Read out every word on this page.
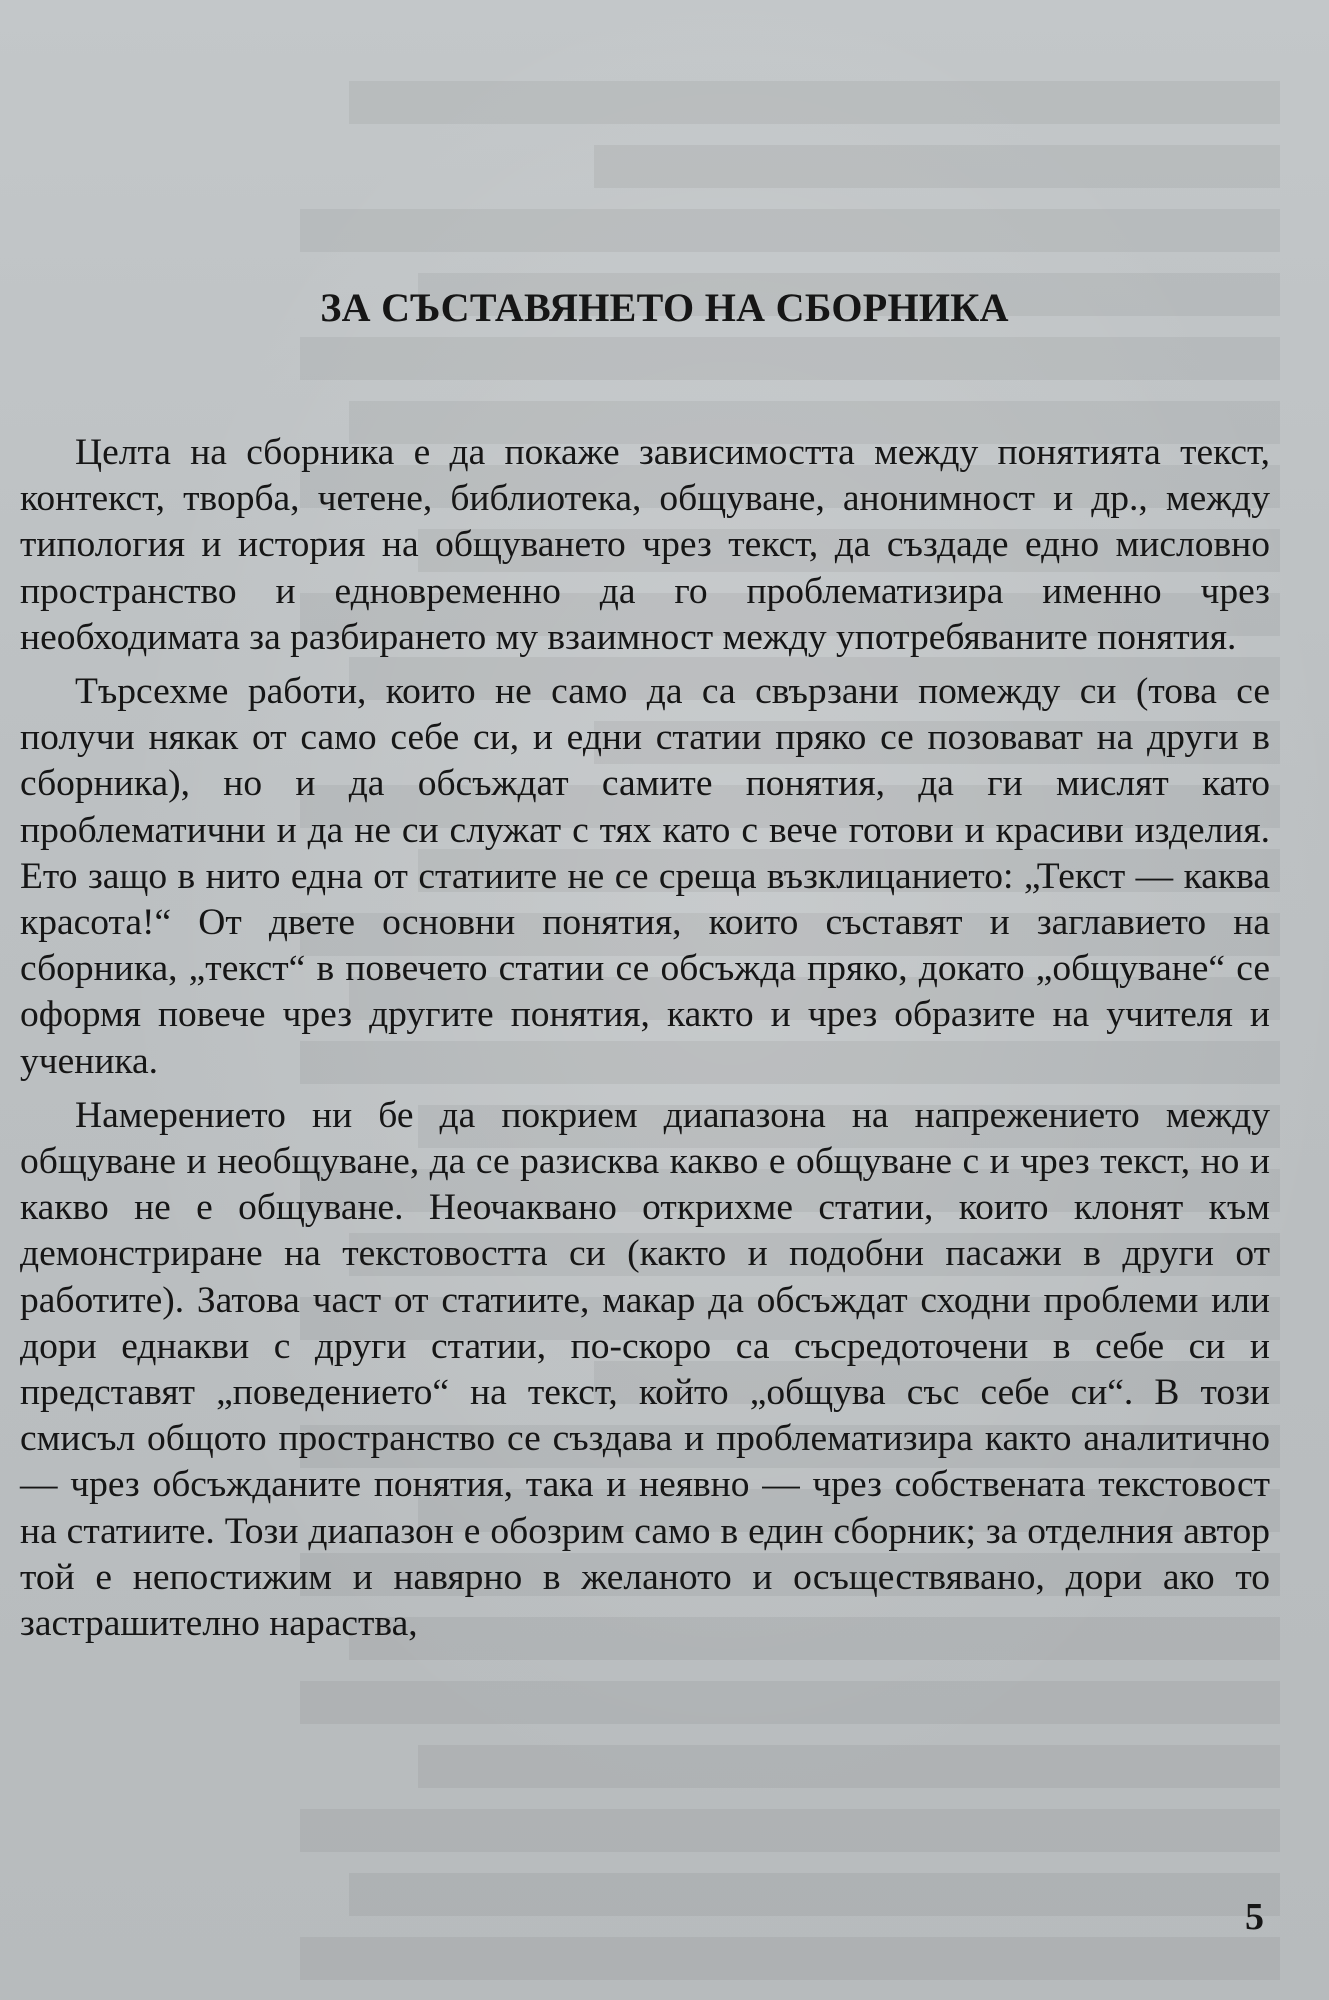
ЗА СЪСТАВЯНЕТО НА СБОРНИКА

Целта на сборника е да покаже зависимостта между понятията текст, контекст, творба, четене, библиотека, общуване, анонимност и др., между типология и история на общуването чрез текст, да създаде едно мисловно пространство и едновременно да го проблематизира именно чрез необходимата за разбирането му взаимност между употребяваните понятия.

Търсехме работи, които не само да са свързани помежду си (това се получи някак от само себе си, и едни статии пряко се позовават на други в сборника), но и да обсъждат самите понятия, да ги мислят като проблематични и да не си служат с тях като с вече готови и красиви изделия. Ето защо в нито една от статиите не се среща възклицанието: „Текст — каква красота!“ От двете основни понятия, които съставят и заглавието на сборника, „текст“ в повечето статии се обсъжда пряко, докато „общуване“ се оформя повече чрез другите понятия, както и чрез образите на учителя и ученика.

Намерението ни бе да покрием диапазона на напрежението между общуване и необщуване, да се разисква какво е общуване с и чрез текст, но и какво не е общуване. Неочаквано открихме статии, които клонят към демонстриране на текстовостта си (както и подобни пасажи в други от работите). Затова част от статиите, макар да обсъждат сходни проблеми или дори еднакви с други статии, по-скоро са съсредоточени в себе си и представят „поведението“ на текст, който „общува със себе си“. В този смисъл общото пространство се създава и проблематизира както аналитично — чрез обсъжданите понятия, така и неявно — чрез собствената текстовост на статиите. Този диапазон е обозрим само в един сборник; за отделния автор той е непостижим и навярно в желаното и осъществявано, дори ако то застрашително нараства,

5
